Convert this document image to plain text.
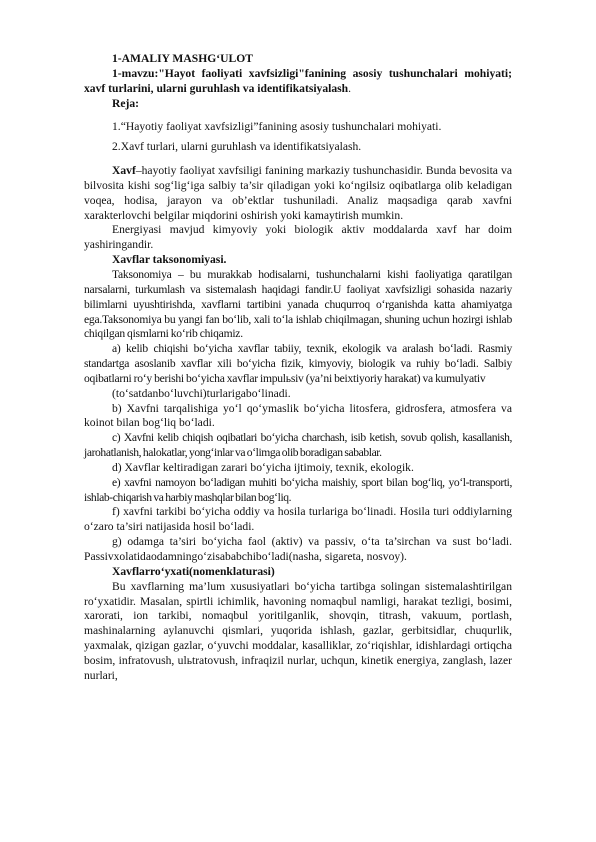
1-AMALIY MASHG‘ULOT

1-mavzu:"Hayot faoliyati xavfsizligi"fanining asosiy tushunchalari mohiyati; xavf turlarini, ularni guruhlash va identifikatsiyalash.

Reja:

1.“Hayotiy faoliyat xavfsizligi”fanining asosiy tushunchalari mohiyati.

2.Xavf turlari, ularni guruhlash va identifikatsiyalash.

Xavf–hayotiy faoliyat xavfsiligi fanining markaziy tushunchasidir. Bunda bevosita va bilvosita kishi sog‘lig‘iga salbiy ta’sir qiladigan yoki ko‘ngilsiz oqibatlarga olib keladigan voqea, hodisa, jarayon va ob’ektlar tushuniladi. Analiz maqsadiga qarab xavfni xarakterlovchi belgilar miqdorini oshirish yoki kamaytirish mumkin.

Energiyasi mavjud kimyoviy yoki biologik aktiv moddalarda xavf har doim yashiringandir.

Xavflar taksonomiyasi.

Taksonomiya – bu murakkab hodisalarni, tushunchalarni kishi faoliyatiga qaratilgan narsalarni, turkumlash va sistemalash haqidagi fandir.U faoliyat xavfsizligi sohasida nazariy bilimlarni uyushtirishda, xavflarni tartibini yanada chuqurroq o‘rganishda katta ahamiyatga ega.Taksonomiya bu yangi fan bo‘lib, xali to‘la ishlab chiqilmagan, shuning uchun hozirgi ishlab chiqilgan qismlarni ko‘rib chiqamiz.

a) kelib chiqishi bo‘yicha xavflar tabiiy, texnik, ekologik va aralash bo‘ladi. Rasmiy standartga asoslanib xavflar xili bo‘yicha fizik, kimyoviy, biologik va ruhiy bo‘ladi. Salbiy oqibatlarni ro‘y berishi bo‘yicha xavflar impulьsiv (ya’ni beixtiyoriy harakat) va kumulyativ

(to‘satdanbo‘luvchi)turlarigabo‘linadi.

b) Xavfni tarqalishiga yo‘l qo‘ymaslik bo‘yicha litosfera, gidrosfera, atmosfera va koinot bilan bog‘liq bo‘ladi.

c) Xavfni kelib chiqish oqibatlari bo‘yicha charchash, isib ketish, sovub qolish, kasallanish, jarohatlanish, halokatlar, yong‘inlar va o‘limga olib boradigan sabablar.

d) Xavflar keltiradigan zarari bo‘yicha ijtimoiy, texnik, ekologik.

e) xavfni namoyon bo‘ladigan muhiti bo‘yicha maishiy, sport bilan bog‘liq, yo‘l-transporti, ishlab-chiqarish va harbiy mashqlar bilan bog‘liq.

f) xavfni tarkibi bo‘yicha oddiy va hosila turlariga bo‘linadi. Hosila turi oddiylarning o‘zaro ta’siri natijasida hosil bo‘ladi.

g) odamga ta’siri bo‘yicha faol (aktiv) va passiv, o‘ta ta’sirchan va sust bo‘ladi. Passivxolatidaodamningo‘zisababchibo‘ladi(nasha, sigareta, nosvoy).

Xavflarro‘yxati(nomenklaturasi)

Bu xavflarning ma’lum xususiyatlari bo‘yicha tartibga solingan sistemalashtirilgan ro‘yxatidir. Masalan, spirtli ichimlik, havoning nomaqbul namligi, harakat tezligi, bosimi, xarorati, ion tarkibi, nomaqbul yoritilganlik, shovqin, titrash, vakuum, portlash, mashinalarning aylanuvchi qismlari, yuqorida ishlash, gazlar, gerbitsidlar, chuqurlik, yaxmalak, qizigan gazlar, o‘yuvchi moddalar, kasalliklar, zo‘riqishlar, idishlardagi ortiqcha bosim, infratovush, ulьtratovush, infraqizil nurlar, uchqun, kinetik energiya, zanglash, lazer nurlari,
